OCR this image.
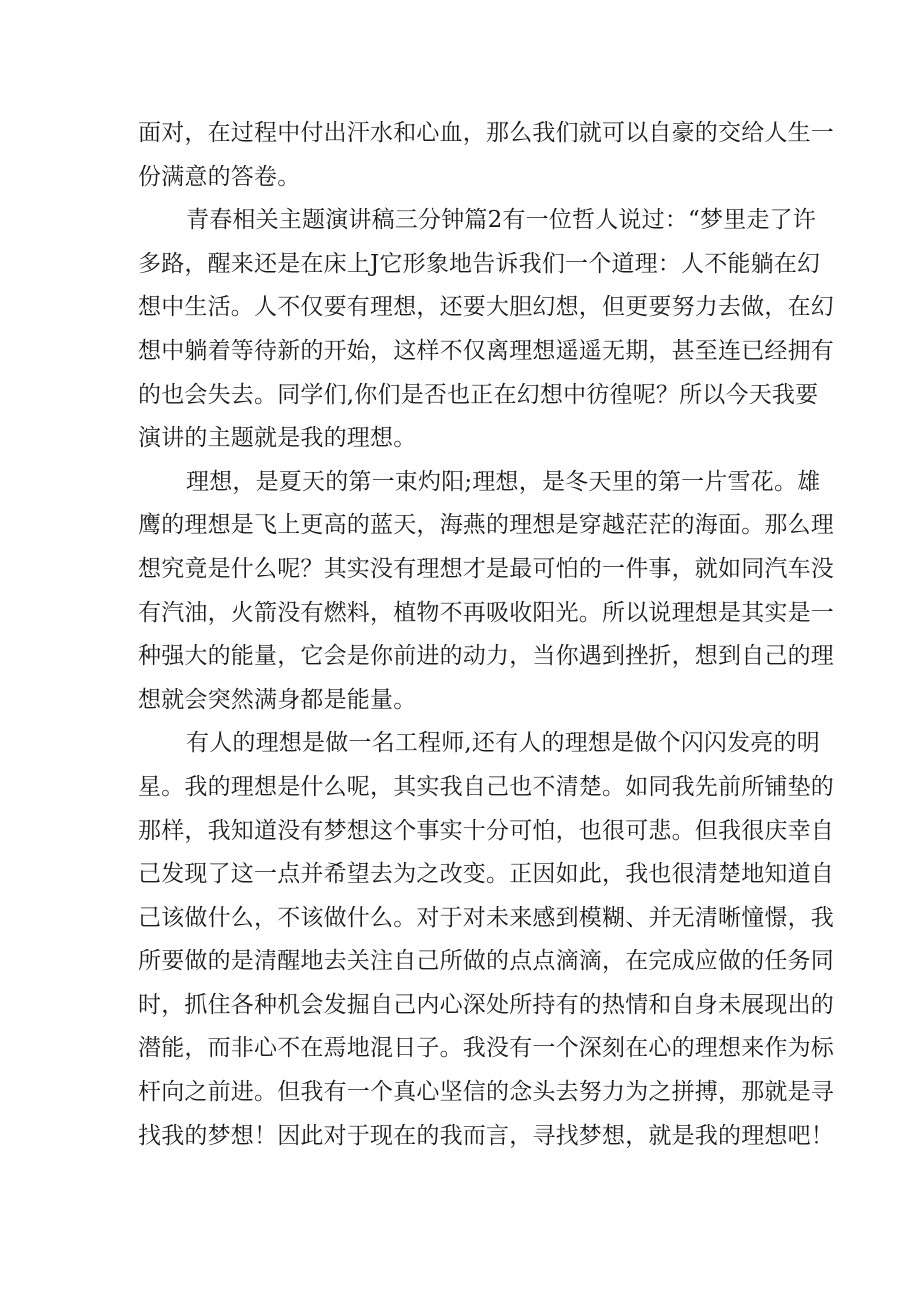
面对，在过程中付出汗水和心血，那么我们就可以自豪的交给人生一
份满意的答卷。
青春相关主题演讲稿三分钟篇2有一位哲人说过：“梦里走了许
多路，醒来还是在床上J它形象地告诉我们一个道理：人不能躺在幻
想中生活。人不仅要有理想，还要大胆幻想，但更要努力去做，在幻
想中躺着等待新的开始，这样不仅离理想遥遥无期，甚至连已经拥有
的也会失去。同学们,你们是否也正在幻想中彷徨呢？所以今天我要
演讲的主题就是我的理想。
理想，是夏天的第一束灼阳;理想，是冬天里的第一片雪花。雄
鹰的理想是飞上更高的蓝天，海燕的理想是穿越茫茫的海面。那么理
想究竟是什么呢？其实没有理想才是最可怕的一件事，就如同汽车没
有汽油，火箭没有燃料，植物不再吸收阳光。所以说理想是其实是一
种强大的能量，它会是你前进的动力，当你遇到挫折，想到自己的理
想就会突然满身都是能量。
有人的理想是做一名工程师,还有人的理想是做个闪闪发亮的明
星。我的理想是什么呢，其实我自己也不清楚。如同我先前所铺垫的
那样，我知道没有梦想这个事实十分可怕，也很可悲。但我很庆幸自
己发现了这一点并希望去为之改变。正因如此，我也很清楚地知道自
己该做什么，不该做什么。对于对未来感到模糊、并无清晰憧憬，我
所要做的是清醒地去关注自己所做的点点滴滴，在完成应做的任务同
时，抓住各种机会发掘自己内心深处所持有的热情和自身未展现出的
潜能，而非心不在焉地混日子。我没有一个深刻在心的理想来作为标
杆向之前进。但我有一个真心坚信的念头去努力为之拼搏，那就是寻
找我的梦想！因此对于现在的我而言，寻找梦想，就是我的理想吧！
